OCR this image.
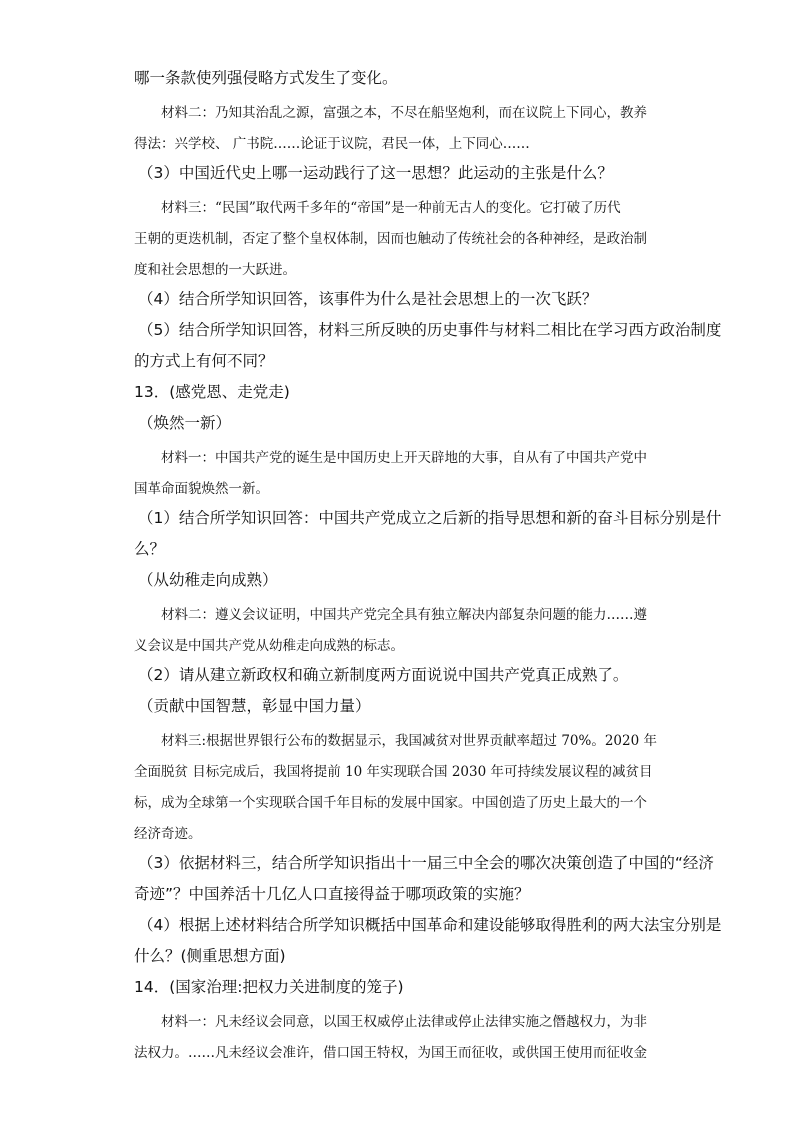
哪一条款使列强侵略方式发生了变化。
材料二：乃知其治乱之源，富强之本，不尽在船坚炮利，而在议院上下同心，教养
得法：兴学校、 广书院……论证于议院，君民一体，上下同心……
（3）中国近代史上哪一运动践行了这一思想？此运动的主张是什么？
材料三：“民国”取代两千多年的“帝国”是一种前无古人的变化。它打破了历代
王朝的更迭机制，否定了整个皇权体制，因而也触动了传统社会的各种神经，是政治制
度和社会思想的一大跃进。
（4）结合所学知识回答，该事件为什么是社会思想上的一次飞跃？
（5）结合所学知识回答，材料三所反映的历史事件与材料二相比在学习西方政治制度
的方式上有何不同？
13．(感党恩、走党走)
（焕然一新）
材料一：中国共产党的诞生是中国历史上开天辟地的大事，自从有了中国共产党中
国革命面貌焕然一新。
（1）结合所学知识回答：中国共产党成立之后新的指导思想和新的奋斗目标分别是什
么？
（从幼稚走向成熟）
材料二：遵义会议证明，中国共产党完全具有独立解决内部复杂问题的能力……遵
义会议是中国共产党从幼稚走向成熟的标志。
（2）请从建立新政权和确立新制度两方面说说中国共产党真正成熟了。
（贡献中国智慧，彰显中国力量）
材料三:根据世界银行公布的数据显示，我国减贫对世界贡献率超过 70%。2020 年
全面脱贫 目标完成后，我国将提前 10 年实现联合国 2030 年可持续发展议程的减贫目
标，成为全球第一个实现联合国千年目标的发展中国家。中国创造了历史上最大的一个
经济奇迹。
（3）依据材料三，结合所学知识指出十一届三中全会的哪次决策创造了中国的“经济
奇迹”？中国养活十几亿人口直接得益于哪项政策的实施？
（4）根据上述材料结合所学知识概括中国革命和建设能够取得胜利的两大法宝分别是
什么？(侧重思想方面)
14．(国家治理:把权力关进制度的笼子)
材料一：凡未经议会同意，以国王权威停止法律或停止法律实施之僭越权力，为非
法权力。……凡未经议会准许，借口国王特权，为国王而征收，或供国王使用而征收金
